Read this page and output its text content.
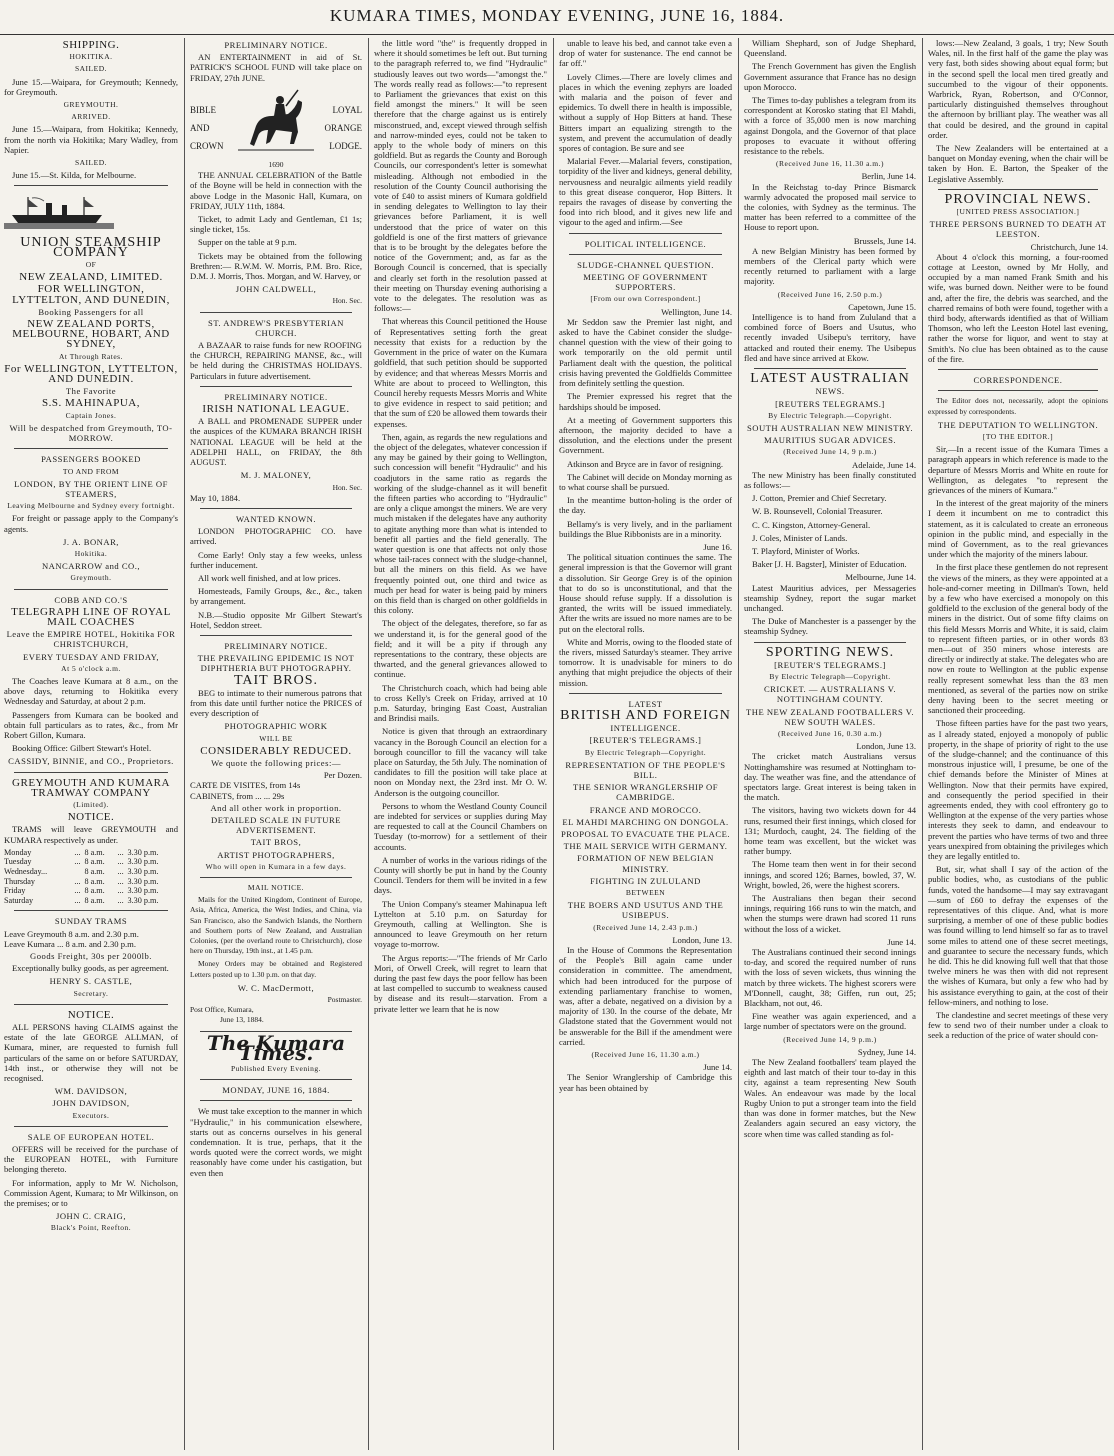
KUMARA TIMES, MONDAY EVENING, JUNE 16, 1884.
SHIPPING.
HOKITIKA.
SAILED.

June 15.—Waipara, for Greymouth; Kennedy, for Greymouth.

GREYMOUTH.
ARRIVED.

June 15.—Waipara, from Hokitika; Kennedy, from the north via Hokitika; Mary Wadley, from Napier.

SAILED.

June 15.—St. Kilda, for Melbourne.

UNION STEAMSHIP COMPANY
OF
NEW ZEALAND, LIMITED.
FOR WELLINGTON, LYTTELTON, AND DUNEDIN,
Booking Passengers for all
NEW ZEALAND PORTS, MELBOURNE, HOBART, AND SYDNEY,
At Through Rates.
For WELLINGTON, LYTTELTON, AND DUNEDIN.
The Favorite
S.S. MAHINAPUA,
Captain Jones.
Will be despatched from Greymouth, TO-MORROW.
PASSENGERS BOOKED
TO AND FROM
LONDON, BY THE ORIENT LINE OF STEAMERS,
Leaving Melbourne and Sydney every fortnight.

For freight or passage apply to the Company's agents.

J. A. BONAR,
Hokitika.
NANCARROW and CO.,
Greymouth.
COBB AND CO.'S
TELEGRAPH LINE OF ROYAL MAIL COACHES
Leave the EMPIRE HOTEL, Hokitika FOR CHRISTCHURCH,
EVERY TUESDAY AND FRIDAY,
At 5 o'clock a.m.

The Coaches leave Kumara at 8 a.m., on the above days, returning to Hokitika every Wednesday and Saturday, at about 2 p.m.

Passengers from Kumara can be booked and obtain full particulars as to rates, &c., from Mr Robert Gillon, Kumara.

Booking Office: Gilbert Stewart's Hotel.

CASSIDY, BINNIE, and CO., Proprietors.
GREYMOUTH AND KUMARA TRAMWAY COMPANY
(Limited).
NOTICE.

TRAMS will leave GREYMOUTH and KUMARA respectively as under.

Monday	...	8 a.m.	...	3.30 p.m.
Tuesday	...	8 a.m.	...	3.30 p.m.
Wednesday...		8 a.m.	...	3.30 p.m.
Thursday	...	8 a.m.	...	3.30 p.m.
Friday	...	8 a.m.	...	3.30 p.m.
Saturday	...	8 a.m.	...	3.30 p.m.
SUNDAY TRAMS
Leave Greymouth 8 a.m. and 2.30 p.m.
Leave Kumara ... 8 a.m. and 2.30 p.m.
Goods Freight, 30s per 2000lb.

Exceptionally bulky goods, as per agreement.

HENRY S. CASTLE,
Secretary.
NOTICE.

ALL PERSONS having CLAIMS against the estate of the late GEORGE ALLMAN, of Kumara, miner, are requested to furnish full particulars of the same on or before SATURDAY, 14th inst., or otherwise they will not be recognised.

WM. DAVIDSON,
JOHN DAVIDSON,
Executors.
SALE OF EUROPEAN HOTEL.

OFFERS will be received for the purchase of the EUROPEAN HOTEL, with Furniture belonging thereto.

For information, apply to Mr W. Nicholson, Commission Agent, Kumara; to Mr Wilkinson, on the premises; or to

JOHN C. CRAIG,
Black's Point, Reefton.
PRELIMINARY NOTICE.

AN ENTERTAINMENT in aid of St. PATRICK'S SCHOOL FUND will take place on FRIDAY, 27th JUNE.

BIBLE
AND
CROWN
1690
LOYAL
ORANGE
LODGE.

THE ANNUAL CELEBRATION of the Battle of the Boyne will be held in connection with the above Lodge in the Masonic Hall, Kumara, on FRIDAY, JULY 11th, 1884.

Ticket, to admit Lady and Gentleman, £1 1s; single ticket, 15s.

Supper on the table at 9 p.m.

Tickets may be obtained from the following Brethren:— R.W.M. W. Morris, P.M. Bro. Rice, D.M. J. Morris, Thos. Morgan, and W. Harvey, or

JOHN CALDWELL,
Hon. Sec.
ST. ANDREW'S PRESBYTERIAN CHURCH.

A BAZAAR to raise funds for new ROOFING the CHURCH, REPAIRING MANSE, &c., will be held during the CHRISTMAS HOLIDAYS. Particulars in future advertisement.

PRELIMINARY NOTICE.
IRISH NATIONAL LEAGUE.

A BALL and PROMENADE SUPPER under the auspices of the KUMARA BRANCH IRISH NATIONAL LEAGUE will be held at the ADELPHI HALL, on FRIDAY, the 8th AUGUST.

M. J. MALONEY,
Hon. Sec.
May 10, 1884.
WANTED KNOWN.

LONDON PHOTOGRAPHIC CO. have arrived.

Come Early! Only stay a few weeks, unless further inducement.

All work well finished, and at low prices.

Homesteads, Family Groups, &c., &c., taken by arrangement.

N.B.—Studio opposite Mr Gilbert Stewart's Hotel, Seddon street.

PRELIMINARY NOTICE.
THE PREVAILING EPIDEMIC IS NOT DIPHTHERIA BUT PHOTOGRAPHY.
TAIT BROS.

BEG to intimate to their numerous patrons that from this date until further notice the PRICES of every description of

PHOTOGRAPHIC WORK
WILL BE
CONSIDERABLY REDUCED.
We quote the following prices:—
Per Dozen.
CARTE DE VISITES, from 14s
CABINETS, from ... ... 29s
And all other work in proportion.
DETAILED SCALE IN FUTURE ADVERTISEMENT.
TAIT BROS,
ARTIST PHOTOGRAPHERS,
Who will open in Kumara in a few days.
MAIL NOTICE.

Mails for the United Kingdom, Continent of Europe, Asia, Africa, America, the West Indies, and China, via San Francisco, also the Sandwich Islands, the Northern and Southern ports of New Zealand, and Australian Colonies, (per the overland route to Christchurch), close here on Thursday, 19th inst., at 1.45 p.m.

Money Orders may be obtained and Registered Letters posted up to 1.30 p.m. on that day.

W. C. MacDermott,
Postmaster.
Post Office, Kumara,
June 13, 1884.
The Kumara Times.
Published Every Evening.
MONDAY, JUNE 16, 1884.

We must take exception to the manner in which "Hydraulic," in his communication elsewhere, starts out as concerns ourselves in his general condemnation. It is true, perhaps, that it the words quoted were the correct words, we might reasonably have come under his castigation, but even then

the little word "the" is frequently dropped in where it should sometimes be left out. But turning to the paragraph referred to, we find "Hydraulic" studiously leaves out two words—"amongst the." The words really read as follows:—"to represent to Parliament the grievances that exist on this field amongst the miners." It will be seen therefore that the charge against us is entirely misconstrued, and, except viewed through selfish and narrow-minded eyes, could not be taken to apply to the whole body of miners on this goldfield. But as regards the County and Borough Councils, our correspondent's letter is somewhat misleading. Although not embodied in the resolution of the County Council authorising the vote of £40 to assist miners of Kumara goldfield in sending delegates to Wellington to lay their grievances before Parliament, it is well understood that the price of water on this goldfield is one of the first matters of grievance that is to be brought by the delegates before the notice of the Government; and, as far as the Borough Council is concerned, that is specially and clearly set forth in the resolution passed at their meeting on Thursday evening authorising a vote to the delegates. The resolution was as follows:—

That whereas this Council petitioned the House of Representatives setting forth the great necessity that exists for a reduction by the Government in the price of water on the Kumara goldfield, that such petition should be supported by evidence; and that whereas Messrs Morris and White are about to proceed to Wellington, this Council hereby requests Messrs Morris and White to give evidence in respect to said petition; and that the sum of £20 be allowed them towards their expenses.

Then, again, as regards the new regulations and the object of the delegates, whatever concession if any may be gained by their going to Wellington, such concession will benefit "Hydraulic" and his coadjutors in the same ratio as regards the working of the sludge-channel as it will benefit the fifteen parties who according to "Hydraulic" are only a clique amongst the miners. We are very much mistaken if the delegates have any authority to agitate anything more than what is intended to benefit all parties and the field generally. The water question is one that affects not only those whose tail-races connect with the sludge-channel, but all the miners on this field. As we have frequently pointed out, one third and twice as much per head for water is being paid by miners on this field than is charged on other goldfields in this colony.

The object of the delegates, therefore, so far as we understand it, is for the general good of the field; and it will be a pity if through any representations to the contrary, these objects are thwarted, and the general grievances allowed to continue.

The Christchurch coach, which had being able to cross Kelly's Creek on Friday, arrived at 10 p.m. Saturday, bringing East Coast, Australian and Brindisi mails.

Notice is given that through an extraordinary vacancy in the Borough Council an election for a borough councillor to fill the vacancy will take place on Saturday, the 5th July. The nomination of candidates to fill the position will take place at noon on Monday next, the 23rd inst. Mr O. W. Anderson is the outgoing councillor.

Persons to whom the Westland County Council are indebted for services or supplies during May are requested to call at the Council Chambers on Tuesday (to-morrow) for a settlement of their accounts.

A number of works in the various ridings of the County will shortly be put in hand by the County Council. Tenders for them will be invited in a few days.

The Union Company's steamer Mahinapua left Lyttelton at 5.10 p.m. on Saturday for Greymouth, calling at Wellington. She is announced to leave Greymouth on her return voyage to-morrow.

The Argus reports:—"The friends of Mr Carlo Mori, of Orwell Creek, will regret to learn that during the past few days the poor fellow has been at last compelled to succumb to weakness caused by disease and its result—starvation. From a private letter we learn that he is now

unable to leave his bed, and cannot take even a drop of water for sustenance. The end cannot be far off."

Lovely Climes.—There are lovely climes and places in which the evening zephyrs are loaded with malaria and the poison of fever and epidemics. To dwell there in health is impossible, without a supply of Hop Bitters at hand. These Bitters impart an equalizing strength to the system, and prevent the accumulation of deadly spores of contagion. Be sure and see

Malarial Fever.—Malarial fevers, constipation, torpidity of the liver and kidneys, general debility, nervousness and neuralgic ailments yield readily to this great disease conqueror, Hop Bitters. It repairs the ravages of disease by converting the food into rich blood, and it gives new life and vigour to the aged and infirm.—See

POLITICAL INTELLIGENCE.
SLUDGE-CHANNEL QUESTION.
MEETING OF GOVERNMENT SUPPORTERS.
[From our own Correspondent.]
Wellington, June 14.

Mr Seddon saw the Premier last night, and asked to have the Cabinet consider the sludge-channel question with the view of their going to work temporarily on the old permit until Parliament dealt with the question, the political crisis having prevented the Goldfields Committee from definitely settling the question.

The Premier expressed his regret that the hardships should be imposed.

At a meeting of Government supporters this afternoon, the majority decided to have a dissolution, and the elections under the present Government.

Atkinson and Bryce are in favor of resigning.

The Cabinet will decide on Monday morning as to what course shall be pursued.

In the meantime button-holing is the order of the day.

Bellamy's is very lively, and in the parliament buildings the Blue Ribbonists are in a minority.

June 16.

The political situation continues the same. The general impression is that the Governor will grant a dissolution. Sir George Grey is of the opinion that to do so is unconstitutional, and that the House should refuse supply. If a dissolution is granted, the writs will be issued immediately. After the writs are issued no more names are to be put on the electoral rolls.

White and Morris, owing to the flooded state of the rivers, missed Saturday's steamer. They arrive tomorrow. It is unadvisable for miners to do anything that might prejudice the objects of their mission.

LATEST
BRITISH AND FOREIGN
INTELLIGENCE.
[REUTER'S TELEGRAMS.]
By Electric Telegraph—Copyright.
REPRESENTATION OF THE PEOPLE'S BILL.
THE SENIOR WRANGLERSHIP OF CAMBRIDGE.
FRANCE AND MOROCCO.
EL MAHDI MARCHING ON DONGOLA.
PROPOSAL TO EVACUATE THE PLACE.
THE MAIL SERVICE WITH GERMANY.
FORMATION OF NEW BELGIAN MINISTRY.
FIGHTING IN ZULULAND
BETWEEN
THE BOERS AND USUTUS AND THE USIBEPUS.
(Received June 14, 2.43 p.m.)
London, June 13.

In the House of Commons the Representation of the People's Bill again came under consideration in committee. The amendment, which had been introduced for the purpose of extending parliamentary franchise to women, was, after a debate, negatived on a division by a majority of 130. In the course of the debate, Mr Gladstone stated that the Government would not be answerable for the Bill if the amendment were carried.

(Received June 16, 11.30 a.m.)
June 14.

The Senior Wranglership of Cambridge this year has been obtained by

William Shephard, son of Judge Shephard, Queensland.

The French Government has given the English Government assurance that France has no design upon Morocco.

The Times to-day publishes a telegram from its correspondent at Korosko stating that El Mahdi, with a force of 35,000 men is now marching against Dongola, and the Governor of that place proposes to evacuate it without offering resistance to the rebels.

(Received June 16, 11.30 a.m.)
Berlin, June 14.

In the Reichstag to-day Prince Bismarck warmly advocated the proposed mail service to the colonies, with Sydney as the terminus. The matter has been referred to a committee of the House to report upon.

Brussels, June 14.

A new Belgian Ministry has been formed by members of the Clerical party which were recently returned to parliament with a large majority.

(Received June 16, 2.50 p.m.)
Capetown, June 15.

Intelligence is to hand from Zululand that a combined force of Boers and Usutus, who recently invaded Usibepu's territory, have attacked and routed their enemy. The Usibepus fled and have since arrived at Ekow.

LATEST AUSTRALIAN
NEWS.
[REUTERS TELEGRAMS.]
By Electric Telegraph.—Copyright.
SOUTH AUSTRALIAN NEW MINISTRY.
MAURITIUS SUGAR ADVICES.
(Received June 14, 9 p.m.)
Adelaide, June 14.

The new Ministry has been finally constituted as follows:—

J. Cotton, Premier and Chief Secretary.

W. B. Rounsevell, Colonial Treasurer.

C. C. Kingston, Attorney-General.

J. Coles, Minister of Lands.

T. Playford, Minister of Works.

Baker [J. H. Bagster], Minister of Education.

Melbourne, June 14.

Latest Mauritius advices, per Messageries steamship Sydney, report the sugar market unchanged.

The Duke of Manchester is a passenger by the steamship Sydney.

SPORTING NEWS.
[REUTER'S TELEGRAMS.]
By Electric Telegraph—Copyright.
CRICKET. — AUSTRALIANS V. NOTTINGHAM COUNTY.
THE NEW ZEALAND FOOTBALLERS V. NEW SOUTH WALES.
(Received June 16, 0.30 a.m.)
London, June 13.

The cricket match Australians versus Nottinghamshire was resumed at Nottingham to-day. The weather was fine, and the attendance of spectators large. Great interest is being taken in the match.

The visitors, having two wickets down for 44 runs, resumed their first innings, which closed for 131; Murdoch, caught, 24. The fielding of the home team was excellent, but the wicket was rather bumpy.

The Home team then went in for their second innings, and scored 126; Barnes, bowled, 37, W. Wright, bowled, 26, were the highest scorers.

The Australians then began their second innings, requiring 166 runs to win the match, and when the stumps were drawn had scored 11 runs without the loss of a wicket.

June 14.

The Australians continued their second innings to-day, and scored the required number of runs with the loss of seven wickets, thus winning the match by three wickets. The highest scorers were M'Donnell, caught, 38; Giffen, run out, 25; Blackham, not out, 46.

Fine weather was again experienced, and a large number of spectators were on the ground.

(Received June 14, 9 p.m.)
Sydney, June 14.

The New Zealand footballers' team played the eighth and last match of their tour to-day in this city, against a team representing New South Wales. An endeavour was made by the local Rugby Union to put a stronger team into the field than was done in former matches, but the New Zealanders again secured an easy victory, the score when time was called standing as fol-

lows:—New Zealand, 3 goals, 1 try; New South Wales, nil. In the first half of the game the play was very fast, both sides showing about equal form; but in the second spell the local men tired greatly and succumbed to the vigour of their opponents. Warbrick, Ryan, Robertson, and O'Connor, particularly distinguished themselves throughout the afternoon by brilliant play. The weather was all that could be desired, and the ground in capital order.

The New Zealanders will be entertained at a banquet on Monday evening, when the chair will be taken by Hon. E. Barton, the Speaker of the Legislative Assembly.

PROVINCIAL NEWS.
[UNITED PRESS ASSOCIATION.]
THREE PERSONS BURNED TO DEATH AT LEESTON.
Christchurch, June 14.

About 4 o'clock this morning, a four-roomed cottage at Leeston, owned by Mr Holly, and occupied by a man named Frank Smith and his wife, was burned down. Neither were to be found and, after the fire, the debris was searched, and the charred remains of both were found, together with a third body, afterwards identified as that of William Thomson, who left the Leeston Hotel last evening, rather the worse for liquor, and went to stay at Smith's. No clue has been obtained as to the cause of the fire.

CORRESPONDENCE.

The Editor does not, necessarily, adopt the opinions expressed by correspondents.

THE DEPUTATION TO WELLINGTON.
[TO THE EDITOR.]

Sir,—In a recent issue of the Kumara Times a paragraph appears in which reference is made to the departure of Messrs Morris and White en route for Wellington, as delegates "to represent the grievances of the miners of Kumara."

In the interest of the great majority of the miners I deem it incumbent on me to contradict this statement, as it is calculated to create an erroneous opinion in the public mind, and especially in the mind of Government, as to the real grievances under which the majority of the miners labour.

In the first place these gentlemen do not represent the views of the miners, as they were appointed at a hole-and-corner meeting in Dillman's Town, held by a few who have exercised a monopoly on this goldfield to the exclusion of the general body of the miners in the district. Out of some fifty claims on this field Messrs Morris and White, it is said, claim to represent fifteen parties, or in other words 83 men—out of 350 miners whose interests are directly or indirectly at stake. The delegates who are now en route to Wellington at the public expense really represent somewhat less than the 83 men mentioned, as several of the parties now on strike deny having been to the secret meeting or sanctioned their proceeding.

Those fifteen parties have for the past two years, as I already stated, enjoyed a monopoly of public property, in the shape of priority of right to the use of the sludge-channel; and the continuance of this monstrous injustice will, I presume, be one of the chief demands before the Minister of Mines at Wellington. Now that their permits have expired, and consequently the period specified in their agreements ended, they with cool effrontery go to Wellington at the expense of the very parties whose interests they seek to damn, and endeavour to prevent the parties who have terms of two and three years unexpired from obtaining the privileges which they are legally entitled to.

But, sir, what shall I say of the action of the public bodies, who, as custodians of the public funds, voted the handsome—I may say extravagant—sum of £60 to defray the expenses of the representatives of this clique. And, what is more surprising, a member of one of these public bodies was found willing to lend himself so far as to travel some miles to attend one of these secret meetings, and guarantee to secure the necessary funds, which he did. This he did knowing full well that that those twelve miners he was then with did not represent the wishes of Kumara, but only a few who had by his assistance everything to gain, at the cost of their fellow-miners, and nothing to lose.

The clandestine and secret meetings of these very few to send two of their number under a cloak to seek a reduction of the price of water should con-
